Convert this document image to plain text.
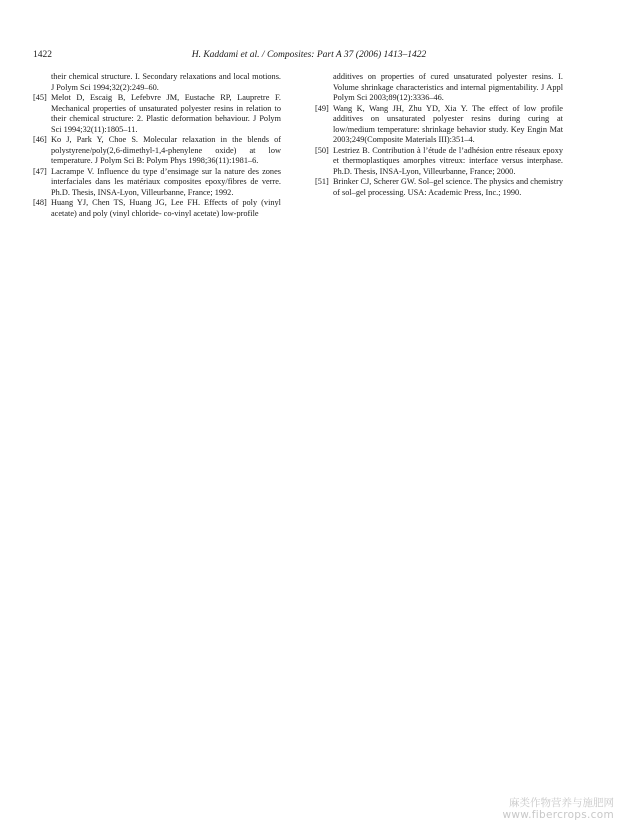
1422	H. Kaddami et al. / Composites: Part A 37 (2006) 1413–1422

their chemical structure. I. Secondary relaxations and local motions. J Polym Sci 1994;32(2):249–60.

[45] Melot D, Escaig B, Lefebvre JM, Eustache RP, Laupretre F. Mechanical properties of unsaturated polyester resins in relation to their chemical structure: 2. Plastic deformation behaviour. J Polym Sci 1994;32(11):1805–11.

[46] Ko J, Park Y, Choe S. Molecular relaxation in the blends of polystyrene/poly(2,6-dimethyl-1,4-phenylene oxide) at low temperature. J Polym Sci B: Polym Phys 1998;36(11):1981–6.

[47] Lacrampe V. Influence du type d’ensimage sur la nature des zones interfaciales dans les matériaux composites epoxy/fibres de verre. Ph.D. Thesis, INSA-Lyon, Villeurbanne, France; 1992.

[48] Huang YJ, Chen TS, Huang JG, Lee FH. Effects of poly (vinyl acetate) and poly (vinyl chloride- co-vinyl acetate) low-profile

additives on properties of cured unsaturated polyester resins. I. Volume shrinkage characteristics and internal pigmentability. J Appl Polym Sci 2003;89(12):3336–46.

[49] Wang K, Wang JH, Zhu YD, Xia Y. The effect of low profile additives on unsaturated polyester resins during curing at low/medium temperature: shrinkage behavior study. Key Engin Mat 2003;249(Composite Materials III):351–4.

[50] Lestriez B. Contribution à l’étude de l’adhésion entre réseaux epoxy et thermoplastiques amorphes vitreux: interface versus interphase. Ph.D. Thesis, INSA-Lyon, Villeurbanne, France; 2000.

[51] Brinker CJ, Scherer GW. Sol–gel science. The physics and chemistry of sol–gel processing. USA: Academic Press, Inc.; 1990.

麻类作物营养与施肥网
www.fibercrops.com
